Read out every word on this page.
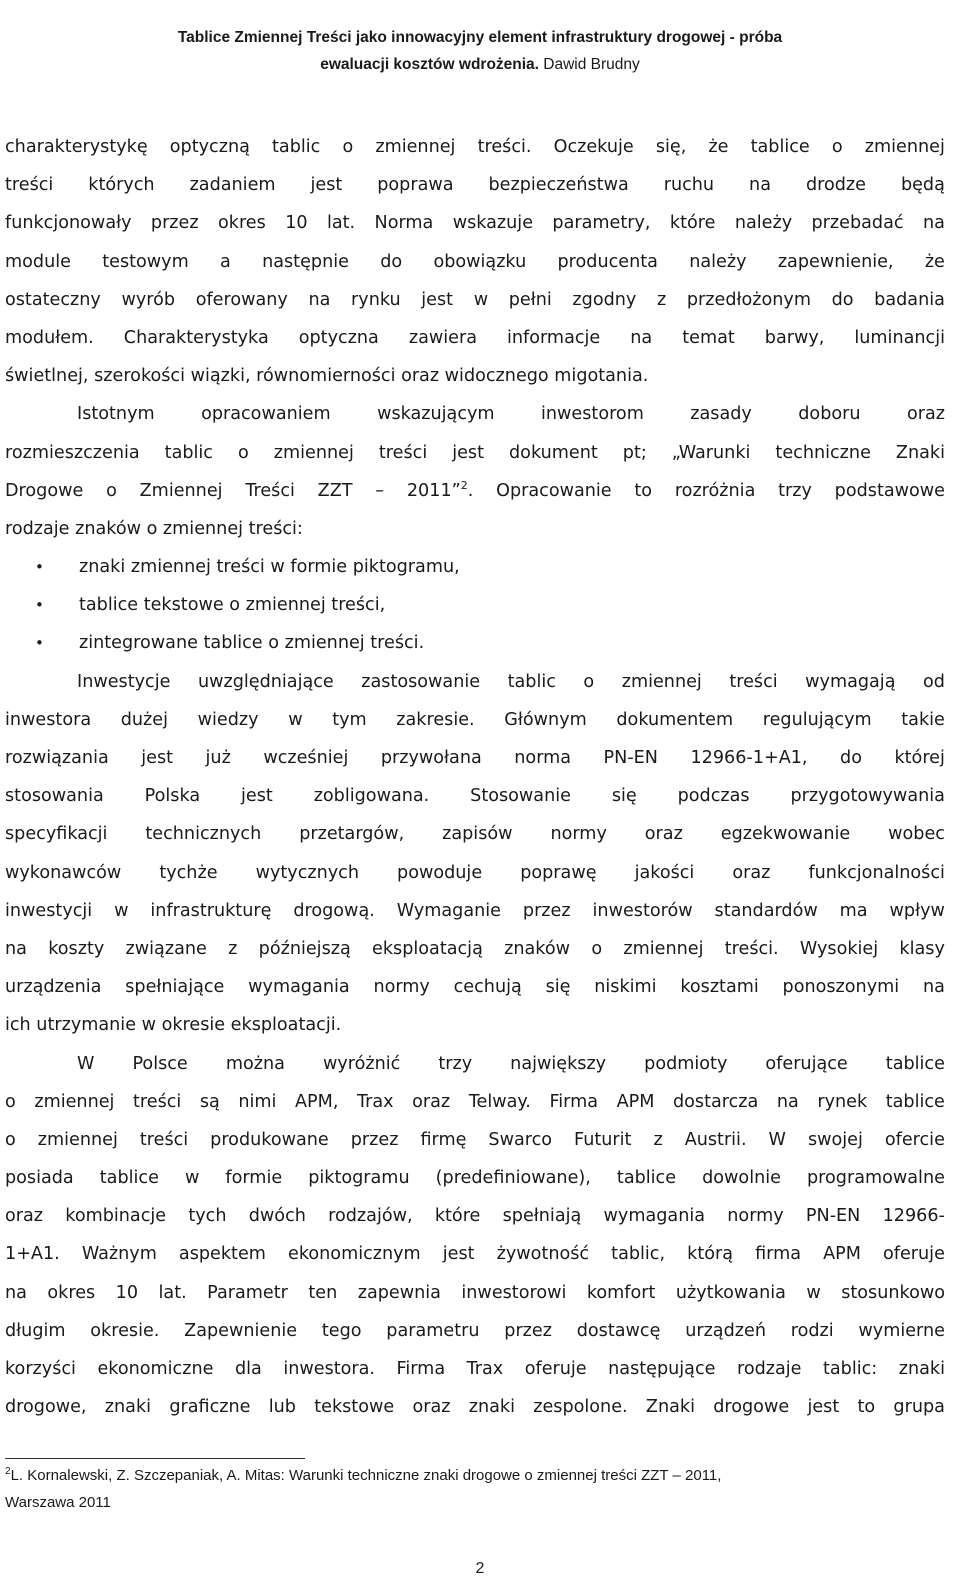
Tablice Zmiennej Treści jako innowacyjny element infrastruktury drogowej - próba
ewaluacji kosztów wdrożenia. Dawid Brudny
charakterystykę optyczną tablic o zmiennej treści. Oczekuje się, że tablice o zmiennej
treści których zadaniem jest poprawa bezpieczeństwa ruchu na drodze będą
funkcjonowały przez okres 10 lat. Norma wskazuje parametry, które należy przebadać na
module testowym a następnie do obowiązku producenta należy zapewnienie, że
ostateczny wyrób oferowany na rynku jest w pełni zgodny z przedłożonym do badania
modułem. Charakterystyka optyczna zawiera informacje na temat barwy, luminancji
świetlnej, szerokości wiązki, równomierności oraz widocznego migotania.
Istotnym	opracowaniem	wskazującym	inwestorom	zasady	doboru	oraz
rozmieszczenia tablic o zmiennej treści jest dokument pt; „Warunki techniczne Znaki
Drogowe o Zmiennej Treści ZZT – 2011”$^2$. Opracowanie to rozróżnia trzy podstawowe
rodzaje znaków o zmiennej treści:
•	znaki zmiennej treści w formie piktogramu,
•	tablice tekstowe o zmiennej treści,
•	zintegrowane tablice o zmiennej treści.
Inwestycje uwzględniające zastosowanie tablic o zmiennej treści wymagają od
inwestora dużej wiedzy w tym zakresie. Głównym dokumentem regulującym takie
rozwiązania jest już wcześniej przywołana norma PN-EN 12966-1+A1, do której
stosowania Polska jest zobligowana. Stosowanie się podczas przygotowywania
specyfikacji technicznych przetargów, zapisów normy oraz egzekwowanie wobec
wykonawców tychże wytycznych powoduje poprawę jakości oraz funkcjonalności
inwestycji w infrastrukturę drogową. Wymaganie przez inwestorów standardów ma wpływ
na koszty związane z późniejszą eksploatacją znaków o zmiennej treści. Wysokiej klasy
urządzenia spełniające wymagania normy cechują się niskimi kosztami ponoszonymi na
ich utrzymanie w okresie eksploatacji.
W Polsce można wyróżnić trzy największy podmioty oferujące tablice
o zmiennej treści są nimi APM, Trax oraz Telway. Firma APM dostarcza na rynek tablice
o zmiennej treści produkowane przez firmę Swarco Futurit z Austrii. W swojej ofercie
posiada tablice w formie piktogramu (predefiniowane), tablice dowolnie programowalne
oraz kombinacje tych dwóch rodzajów, które spełniają wymagania normy PN-EN 12966-
1+A1. Ważnym aspektem ekonomicznym jest żywotność tablic, którą firma APM oferuje
na okres 10 lat. Parametr ten zapewnia inwestorowi komfort użytkowania w stosunkowo
długim okresie. Zapewnienie tego parametru przez dostawcę urządzeń rodzi wymierne
korzyści ekonomiczne dla inwestora. Firma Trax oferuje następujące rodzaje tablic: znaki
drogowe, znaki graficzne lub tekstowe oraz znaki zespolone. Znaki drogowe jest to grupa
$^2$L. Kornalewski, Z. Szczepaniak, A. Mitas: Warunki techniczne znaki drogowe o zmiennej treści ZZT – 2011,
Warszawa 2011
2
